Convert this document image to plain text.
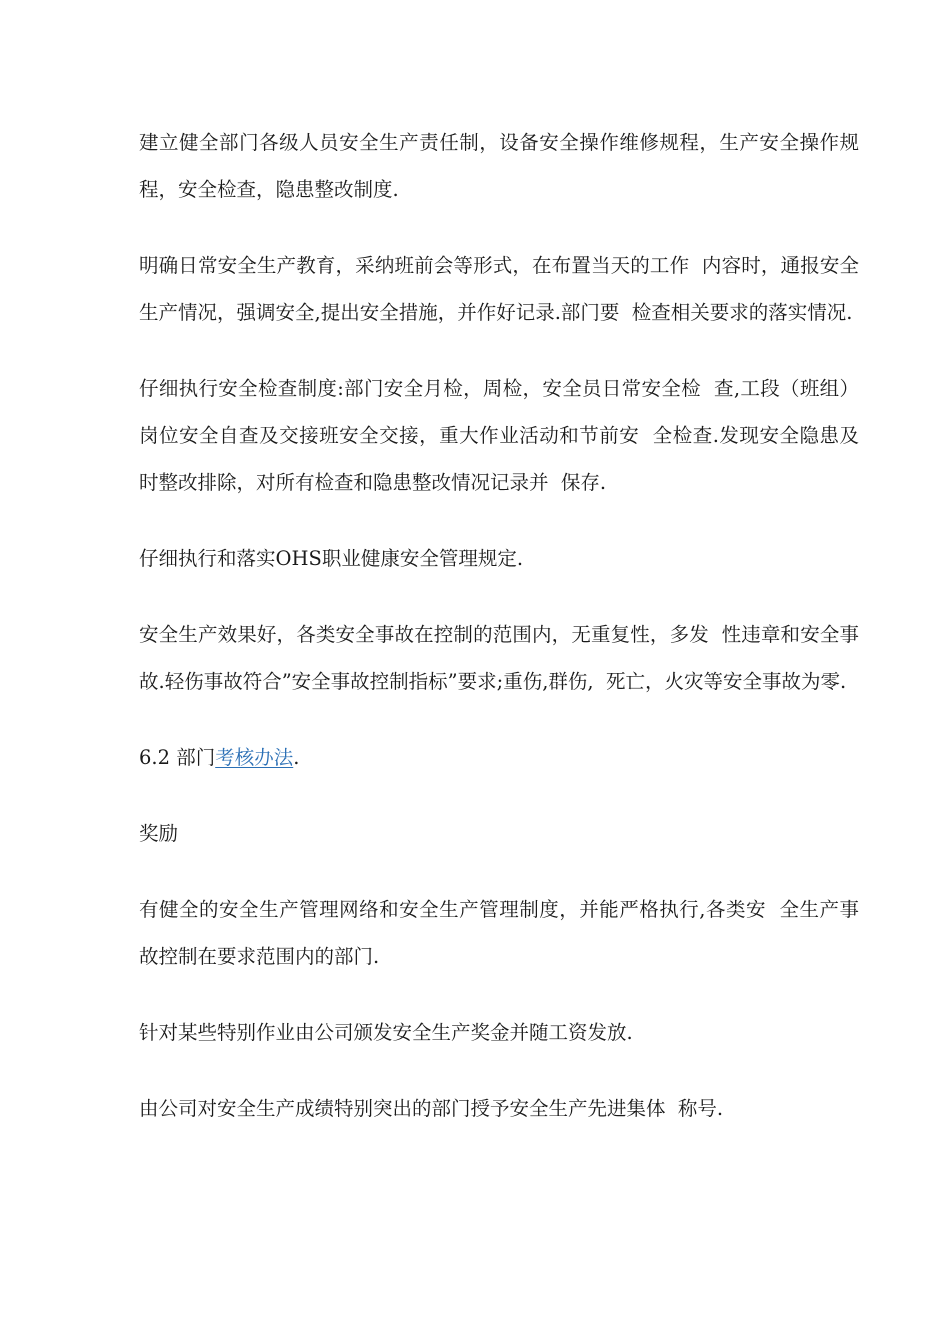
建立健全部门各级人员安全生产责任制，设备安全操作维修规程，生产安全操作规程，安全检查，隐患整改制度.

明确日常安全生产教育，采纳班前会等形式，在布置当天的工作  内容时，通报安全生产情况，强调安全,提出安全措施，并作好记录.部门要  检查相关要求的落实情况.

仔细执行安全检查制度:部门安全月检，周检，安全员日常安全检  查,工段（班组）岗位安全自查及交接班安全交接，重大作业活动和节前安  全检查.发现安全隐患及时整改排除，对所有检查和隐患整改情况记录并  保存.

仔细执行和落实OHS职业健康安全管理规定.

安全生产效果好，各类安全事故在控制的范围内，无重复性，多发  性违章和安全事故.轻伤事故符合”安全事故控制指标”要求;重伤,群伤,  死亡，火灾等安全事故为零.

6.2 部门考核办法.

奖励

有健全的安全生产管理网络和安全生产管理制度，并能严格执行,各类安  全生产事故控制在要求范围内的部门.

针对某些特别作业由公司颁发安全生产奖金并随工资发放.

由公司对安全生产成绩特别突出的部门授予安全生产先进集体  称号.
